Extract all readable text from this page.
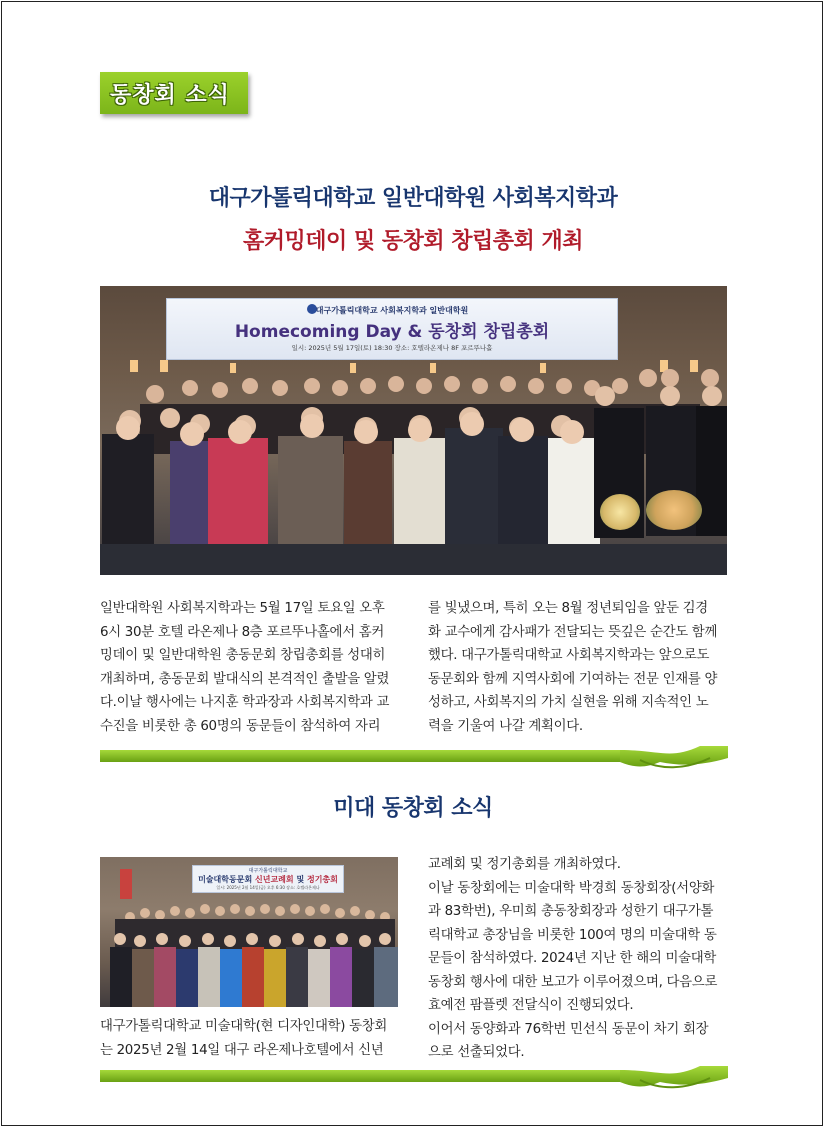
동창회 소식
대구가톨릭대학교 일반대학원 사회복지학과
홈커밍데이 및 동창회 창립총회 개최
대구가톨릭대학교 사회복지학과 일반대학원
Homecoming Day & 동창회 창립총회
일시: 2025년 5월 17일(토) 18:30 장소: 호텔라온제나 8F 포르뚜나홀
일반대학원 사회복지학과는 5월 17일 토요일 오후
6시 30분 호텔 라온제나 8층 포르뚜나홀에서 홈커
밍데이 및 일반대학원 총동문회 창립총회를 성대히
개최하며, 총동문회 발대식의 본격적인 출발을 알렸
다.이날 행사에는 나지훈 학과장과 사회복지학과 교
수진을 비롯한 총 60명의 동문들이 참석하여 자리
를 빛냈으며, 특히 오는 8월 정년퇴임을 앞둔 김경
화 교수에게 감사패가 전달되는 뜻깊은 순간도 함께
했다. 대구가톨릭대학교 사회복지학과는 앞으로도
동문회와 함께 지역사회에 기여하는 전문 인재를 양
성하고, 사회복지의 가치 실현을 위해 지속적인 노
력을 기울여 나갈 계획이다.
미대 동창회 소식
대구가톨릭대학교
미술대학동문회 신년교례회 및 정기총회
일시: 2025년 2월 14일(금) 오후 6:30 장소: 호텔라온제나
대구가톨릭대학교 미술대학(현 디자인대학) 동창회
는 2025년 2월 14일 대구 라온제나호텔에서 신년
교례회 및 정기총회를 개최하였다.
이날 동창회에는 미술대학 박경희 동창회장(서양화
과 83학번), 우미희 총동창회장과 성한기 대구가톨
릭대학교 총장님을 비롯한 100여 명의 미술대학 동
문들이 참석하였다. 2024년 지난 한 해의 미술대학
동창회 행사에 대한 보고가 이루어졌으며, 다음으로
효예전 팜플렛 전달식이 진행되었다.
이어서 동양화과 76학번 민선식 동문이 차기 회장
으로 선출되었다.
